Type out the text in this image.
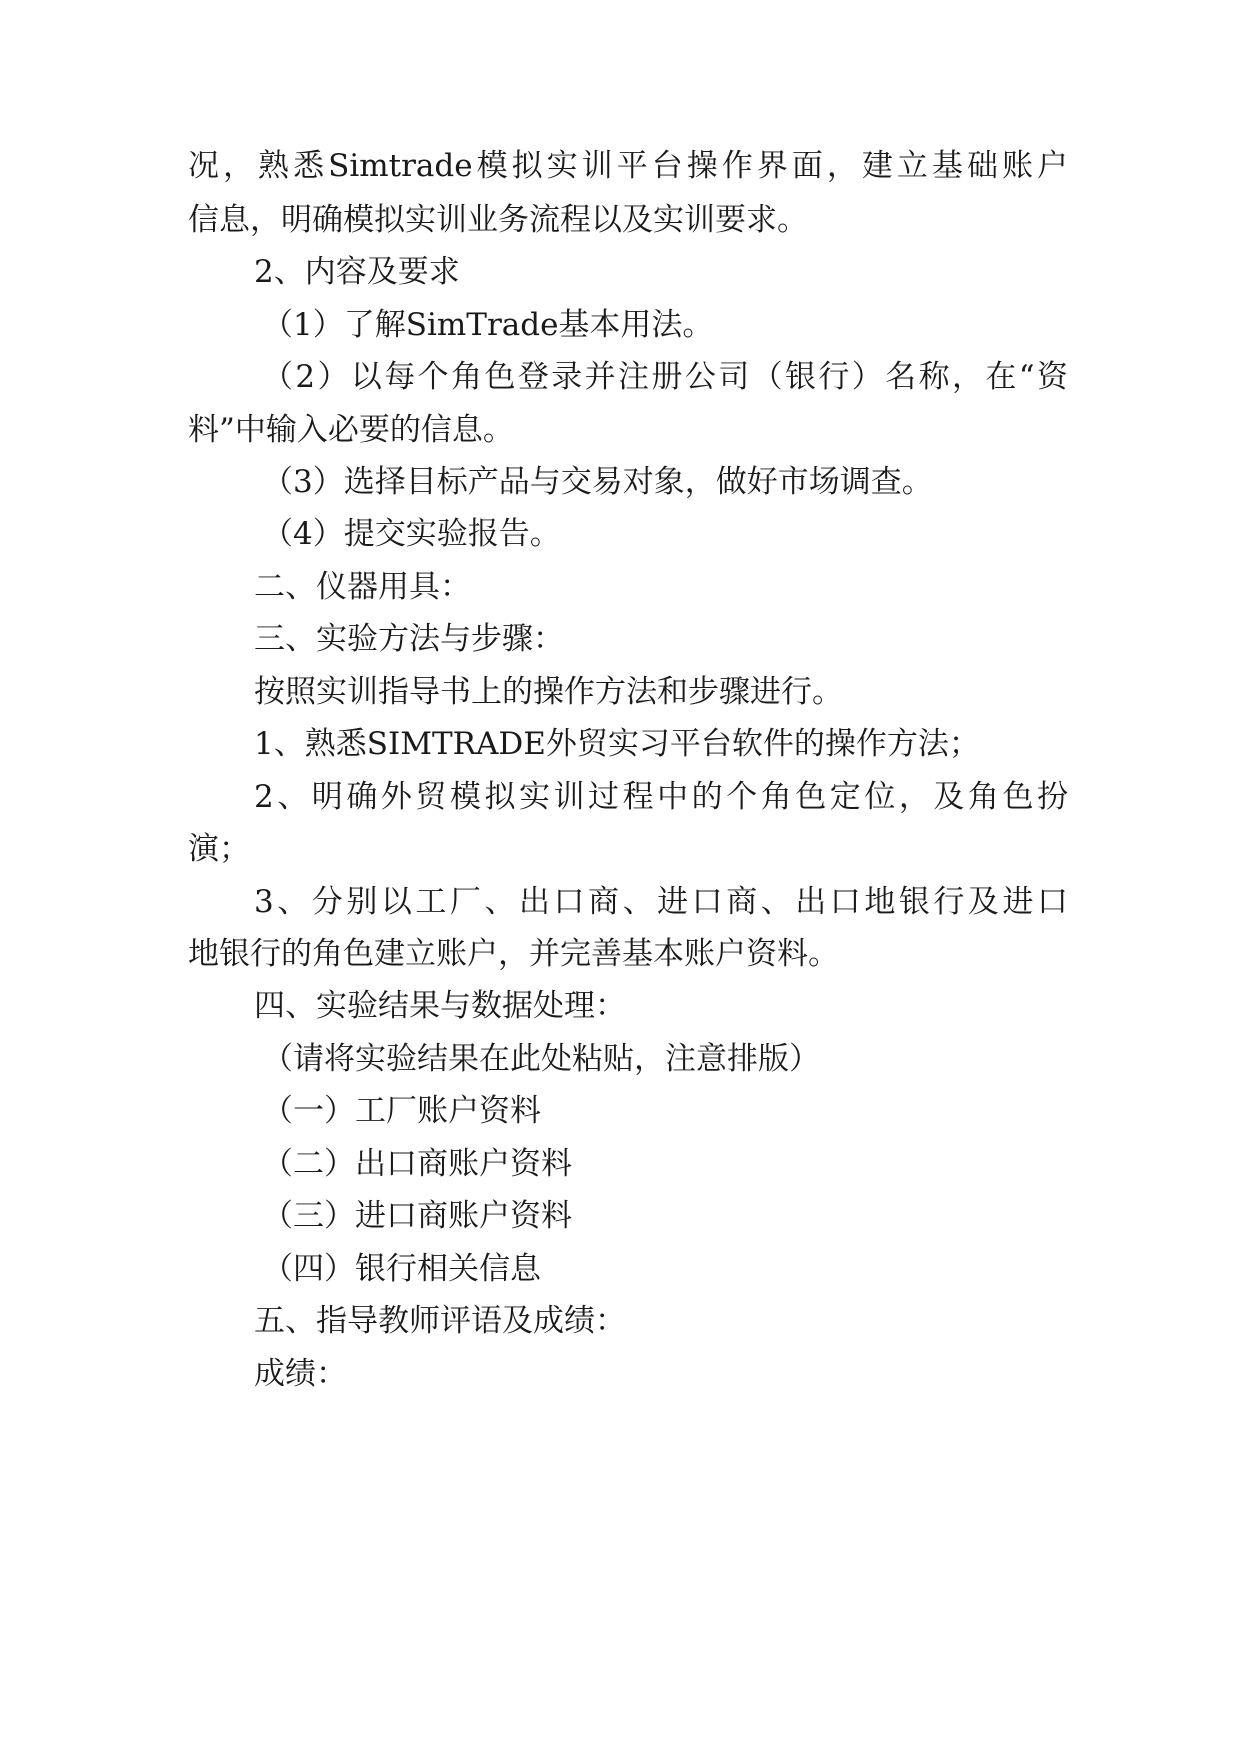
况，熟悉Simtrade模拟实训平台操作界面，建立基础账户
信息，明确模拟实训业务流程以及实训要求。
2、内容及要求
（1）了解SimTrade基本用法。
（2）以每个角色登录并注册公司（银行）名称，在“资
料”中输入必要的信息。
（3）选择目标产品与交易对象，做好市场调查。
（4）提交实验报告。
二、仪器用具：
三、实验方法与步骤：
按照实训指导书上的操作方法和步骤进行。
1、熟悉SIMTRADE外贸实习平台软件的操作方法；
2、明确外贸模拟实训过程中的个角色定位，及角色扮
演；
3、分别以工厂、出口商、进口商、出口地银行及进口
地银行的角色建立账户，并完善基本账户资料。
四、实验结果与数据处理：
（请将实验结果在此处粘贴，注意排版）
（一）工厂账户资料
（二）出口商账户资料
（三）进口商账户资料
（四）银行相关信息
五、指导教师评语及成绩：
成绩：
